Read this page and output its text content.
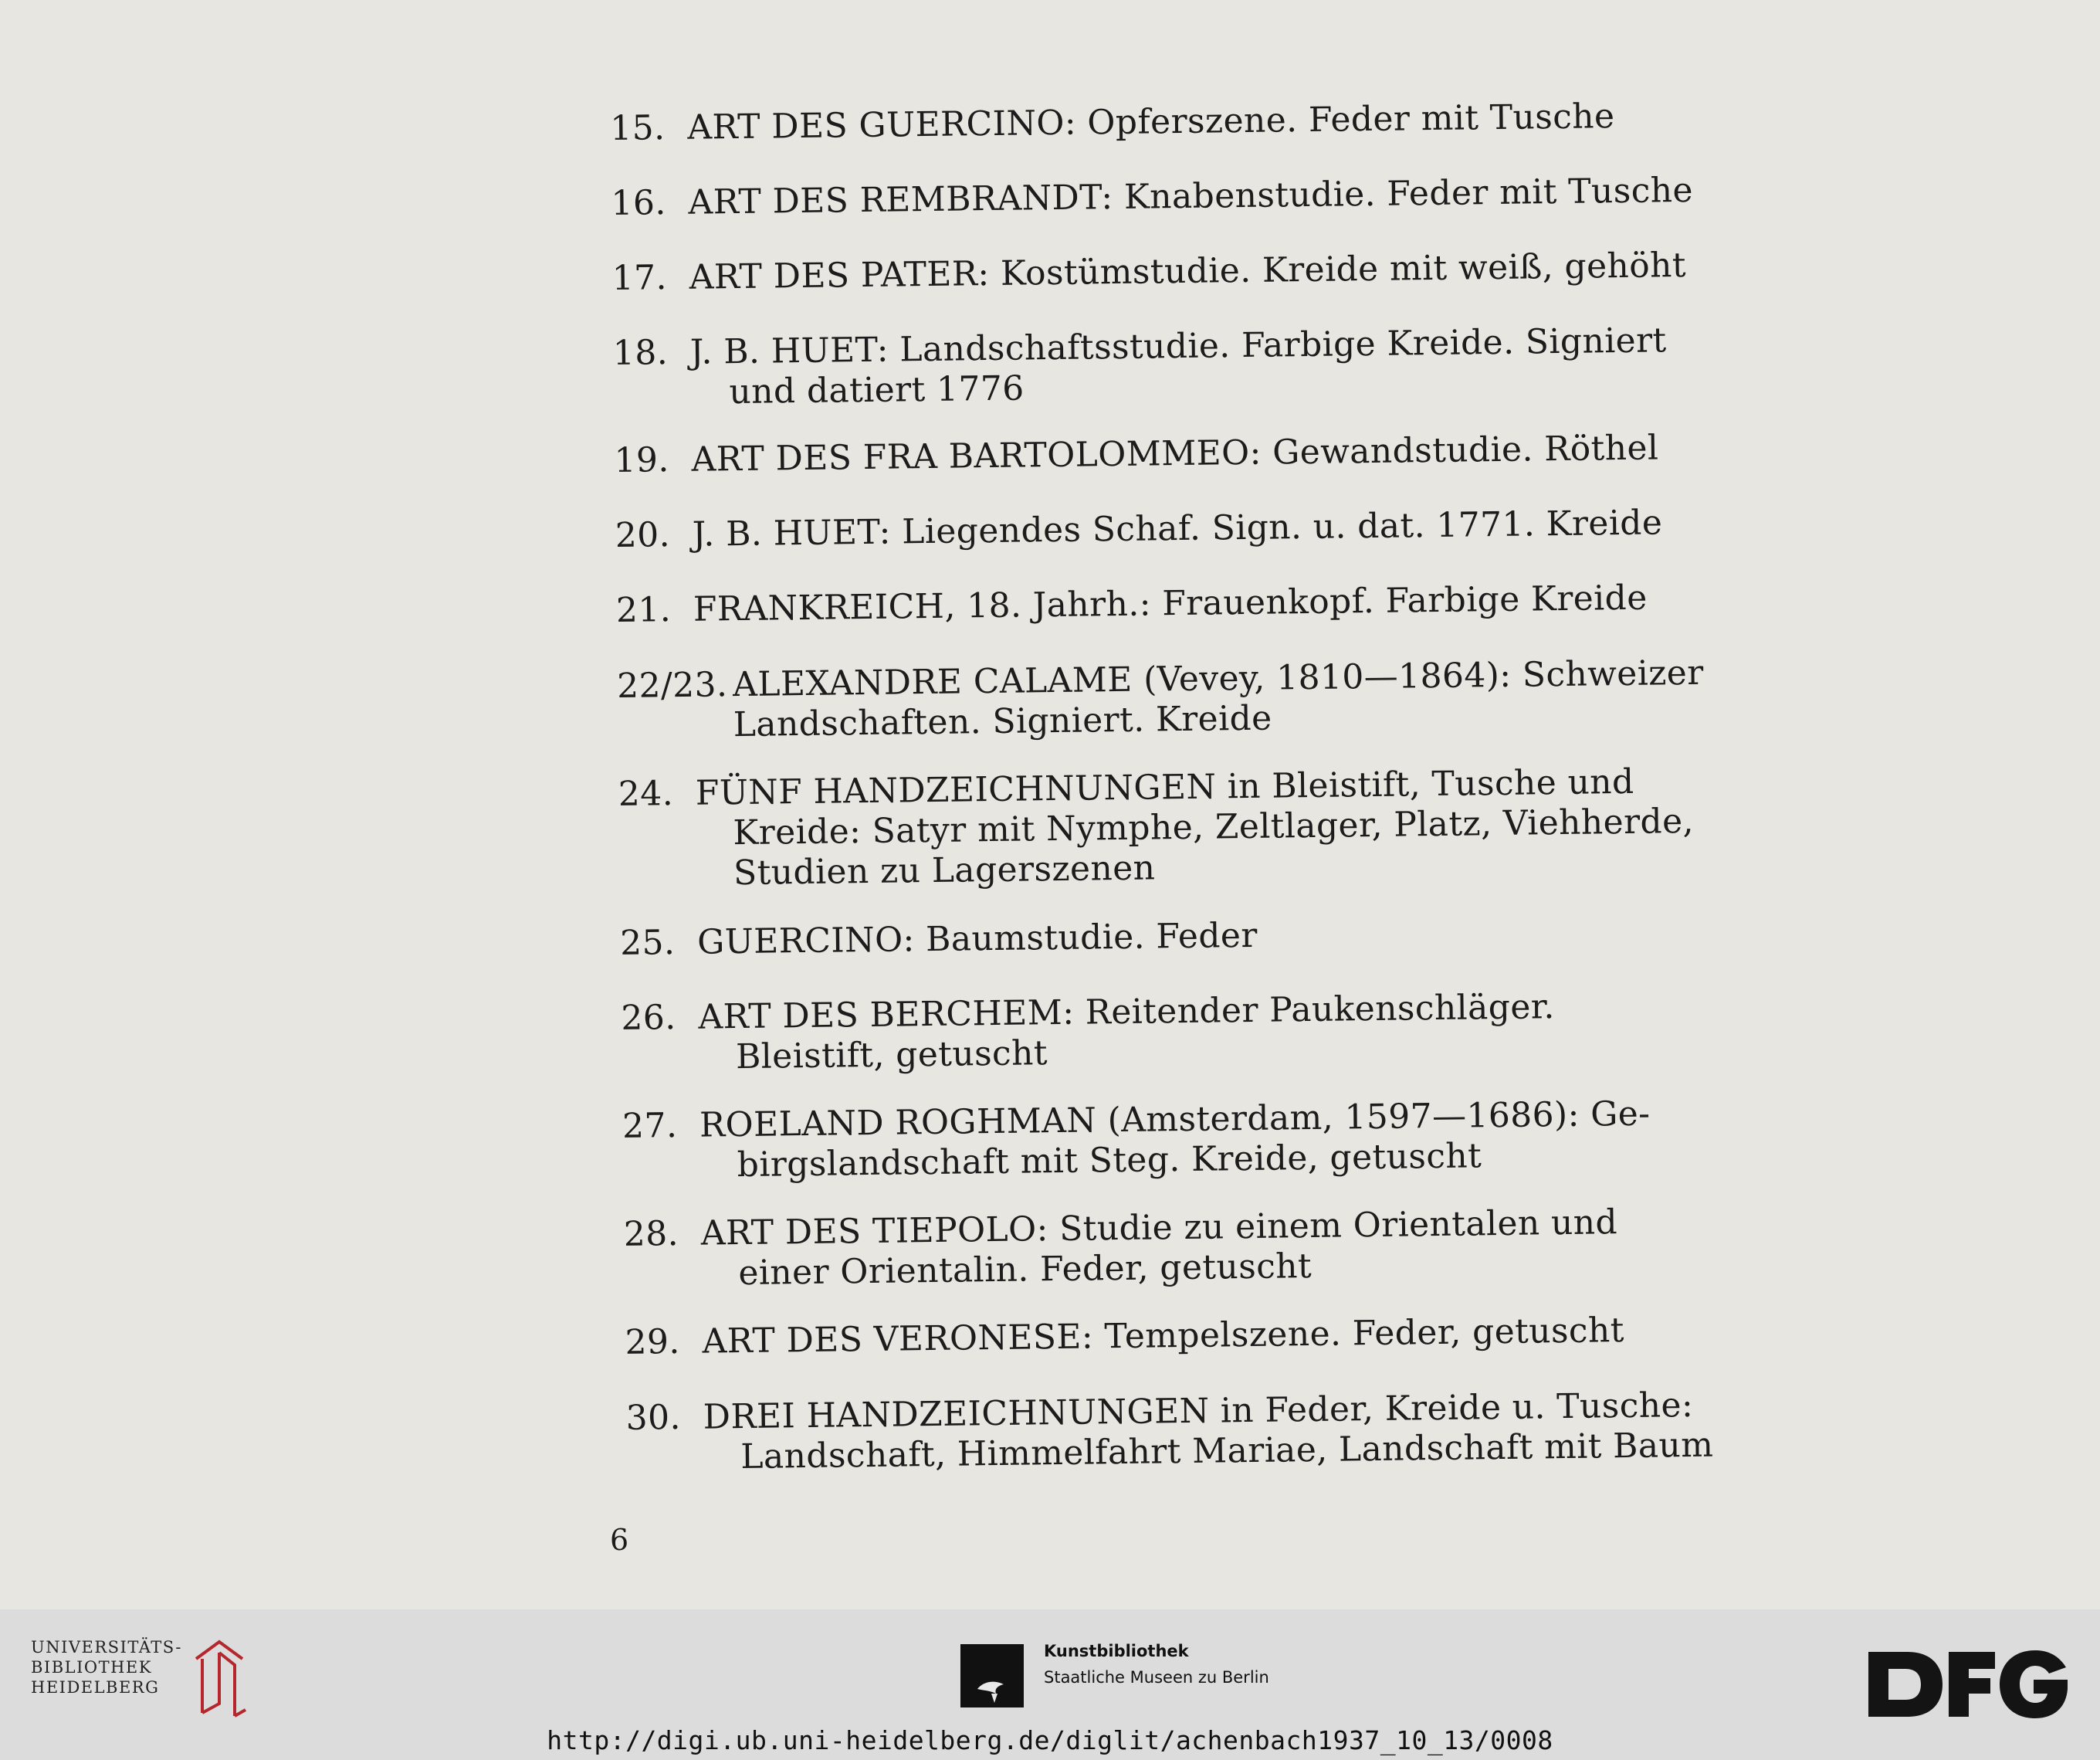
15. ART DES GUERCINO: Opferszene. Feder mit Tusche
16. ART DES REMBRANDT: Knabenstudie. Feder mit Tusche
17. ART DES PATER: Kostümstudie. Kreide mit weiß, gehöht
18. J. B. HUET: Landschaftsstudie. Farbige Kreide. Signiert
und datiert 1776
19. ART DES FRA BARTOLOMMEO: Gewandstudie. Röthel
20. J. B. HUET: Liegendes Schaf. Sign. u. dat. 1771. Kreide
21. FRANKREICH, 18. Jahrh.: Frauenkopf. Farbige Kreide
22/23. ALEXANDRE CALAME (Vevey, 1810—1864): Schweizer
Landschaften. Signiert. Kreide
24. FÜNF HANDZEICHNUNGEN in Bleistift, Tusche und
Kreide: Satyr mit Nymphe, Zeltlager, Platz, Viehherde,
Studien zu Lagerszenen
25. GUERCINO: Baumstudie. Feder
26. ART DES BERCHEM: Reitender Paukenschläger.
Bleistift, getuscht
27. ROELAND ROGHMAN (Amsterdam, 1597—1686): Ge-
birgslandschaft mit Steg. Kreide, getuscht
28. ART DES TIEPOLO: Studie zu einem Orientalen und
einer Orientalin. Feder, getuscht
29. ART DES VERONESE: Tempelszene. Feder, getuscht
30. DREI HANDZEICHNUNGEN in Feder, Kreide u. Tusche:
Landschaft, Himmelfahrt Mariae, Landschaft mit Baum
6
UNIVERSITÄTS-
BIBLIOTHEK
HEIDELBERG
Kunstbibliothek
Staatliche Museen zu Berlin
http://digi.ub.uni-heidelberg.de/diglit/achenbach1937_10_13/0008
